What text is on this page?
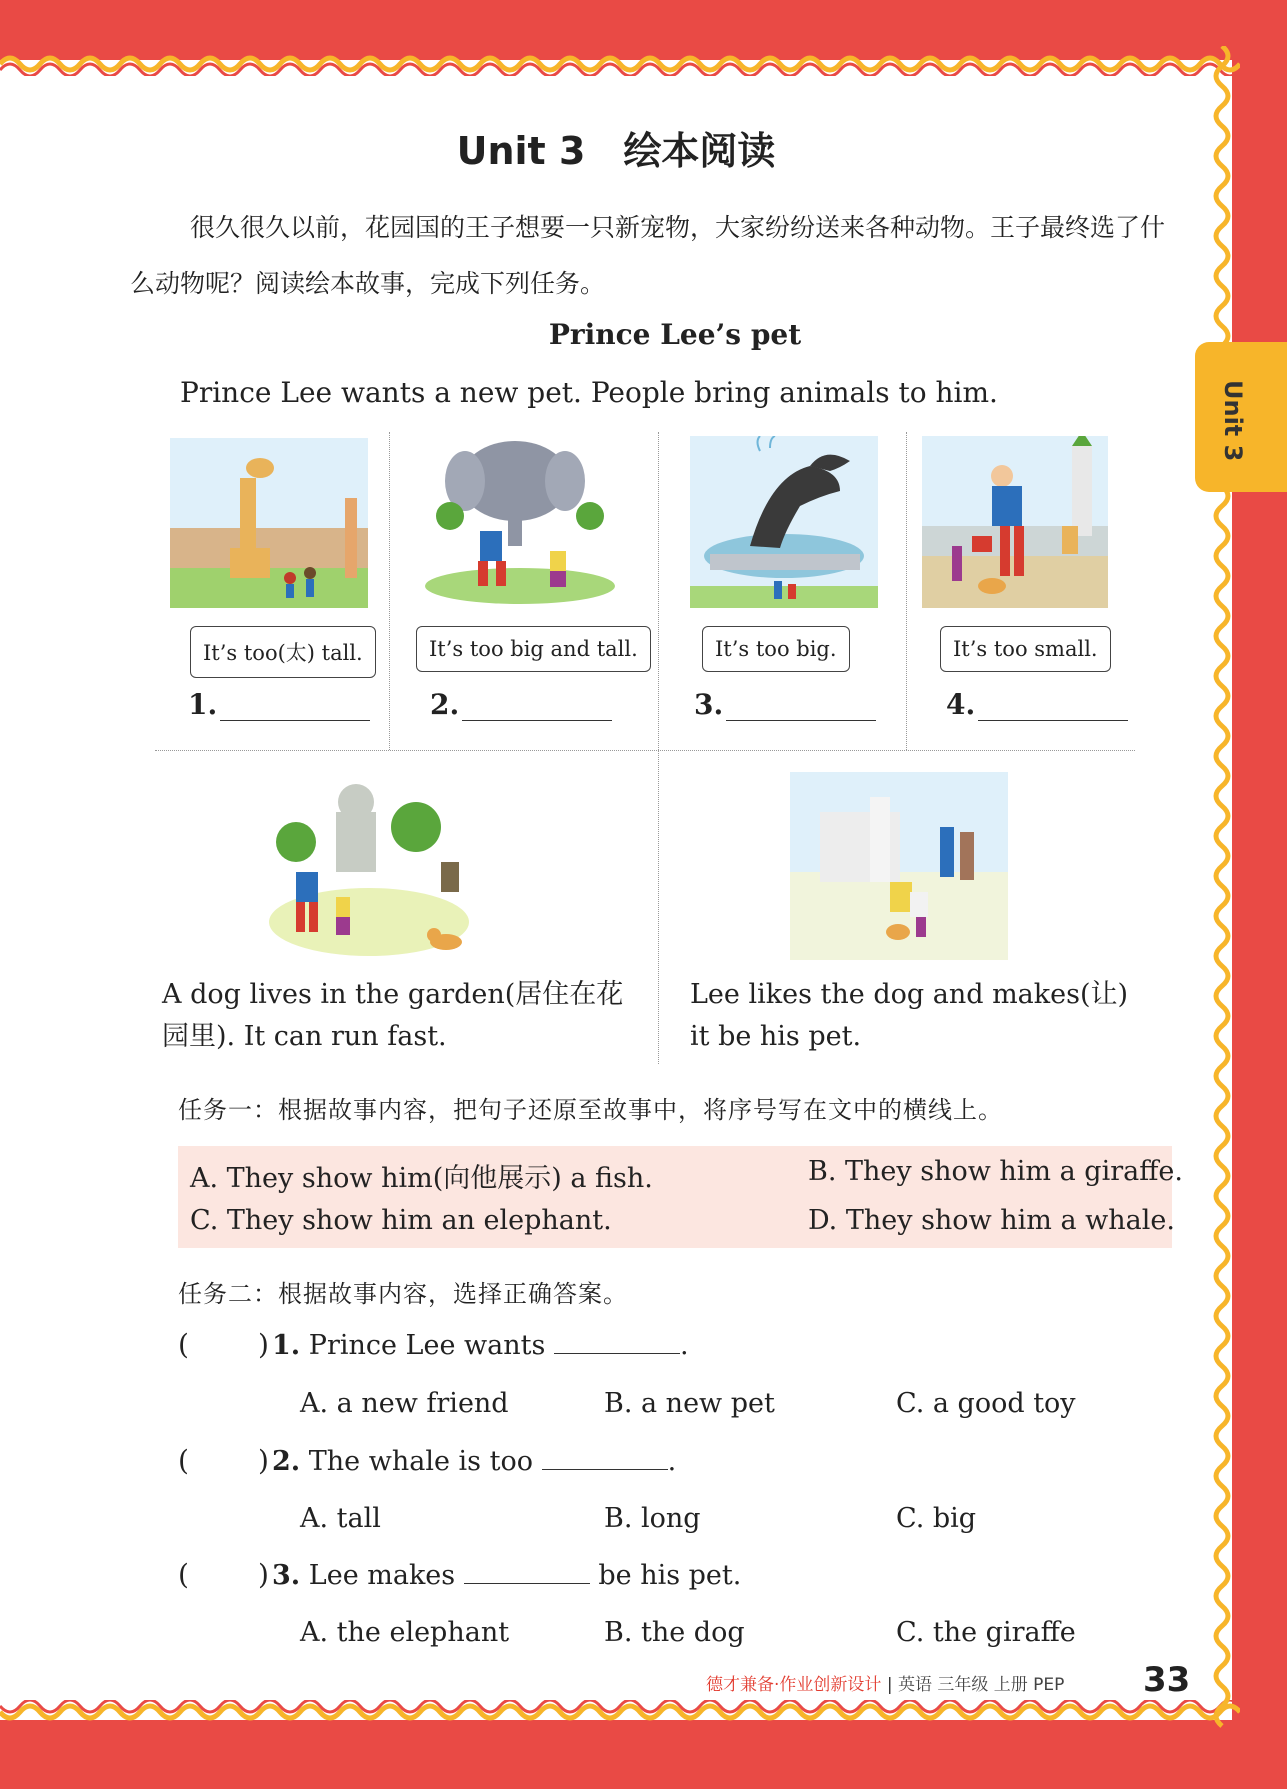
Unit 3
Unit 3　绘本阅读
很久很久以前，花园国的王子想要一只新宠物，大家纷纷送来各种动物。王子最终选了什么动物呢？阅读绘本故事，完成下列任务。
Prince Lee’s pet
Prince Lee wants a new pet. People bring animals to him.
It’s too(太) tall.	It’s too big and tall.	It’s too big.	It’s too small.
1.	2.	3.	4.
A dog lives in the garden(居住在花
园里). It can run fast.
Lee likes the dog and makes(让)
it be his pet.
任务一：根据故事内容，把句子还原至故事中，将序号写在文中的横线上。
A. They show him(向他展示) a fish.	B. They show him a giraffe.
C. They show him an elephant.	D. They show him a whale.
任务二：根据故事内容，选择正确答案。
( ) 1. Prince Lee wants	.
A. a new friend	B. a new pet	C. a good toy
( ) 2. The whale is too	.
A. tall	B. long	C. big
( ) 3. Lee makes	be his pet.
A. the elephant	B. the dog	C. the giraffe
德才兼备·作业创新设计 | 英语 三年级 上册 PEP 33
